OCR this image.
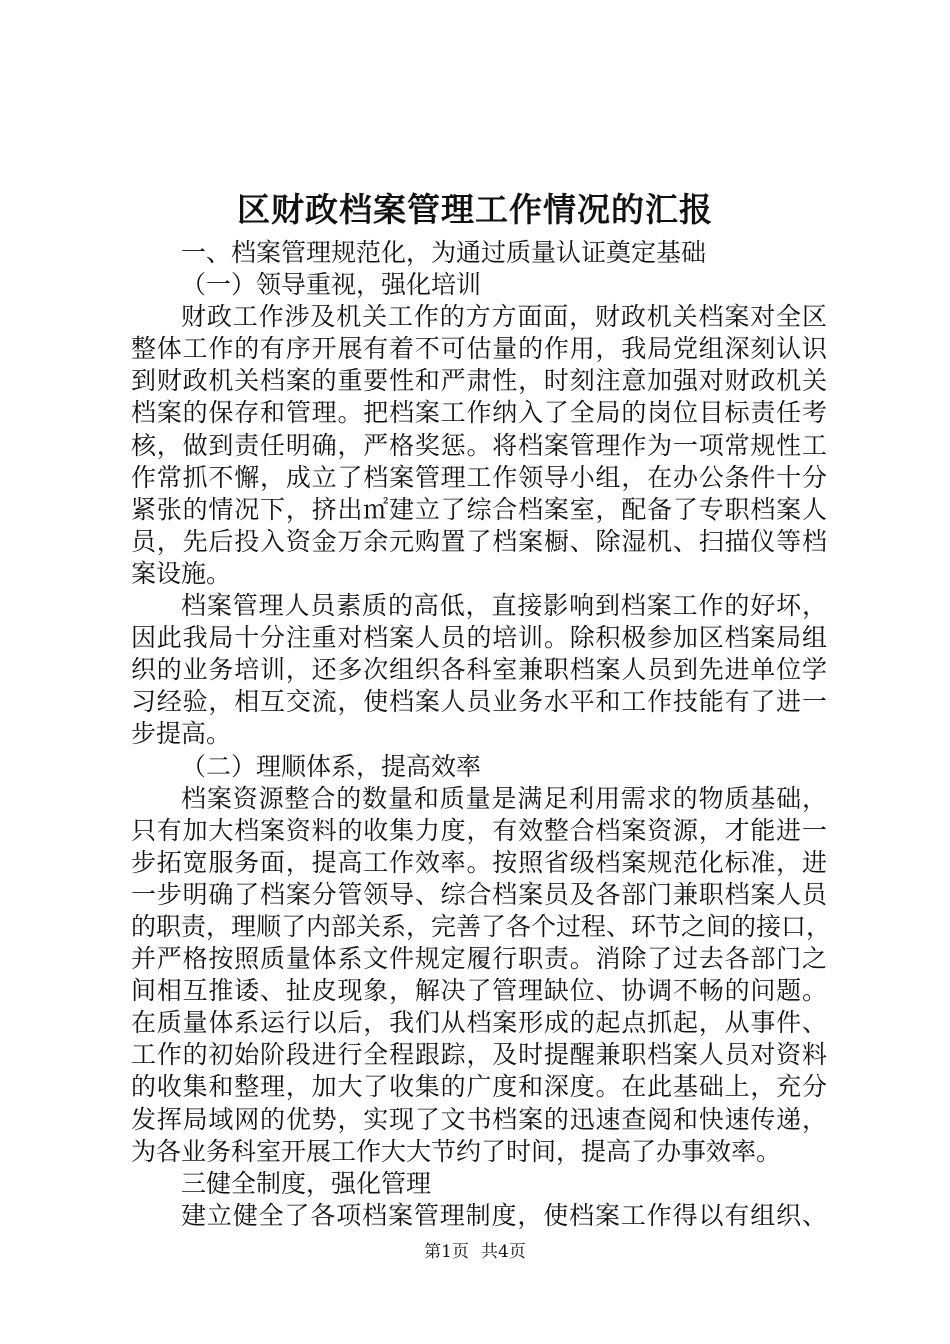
区财政档案管理工作情况的汇报
一、档案管理规范化，为通过质量认证奠定基础
（一）领导重视，强化培训
财政工作涉及机关工作的方方面面，财政机关档案对全区
整体工作的有序开展有着不可估量的作用，我局党组深刻认识
到财政机关档案的重要性和严肃性，时刻注意加强对财政机关
档案的保存和管理。把档案工作纳入了全局的岗位目标责任考
核，做到责任明确，严格奖惩。将档案管理作为一项常规性工
作常抓不懈，成立了档案管理工作领导小组，在办公条件十分
紧张的情况下，挤出㎡建立了综合档案室，配备了专职档案人
员，先后投入资金万余元购置了档案橱、除湿机、扫描仪等档
案设施。
档案管理人员素质的高低，直接影响到档案工作的好坏，
因此我局十分注重对档案人员的培训。除积极参加区档案局组
织的业务培训，还多次组织各科室兼职档案人员到先进单位学
习经验，相互交流，使档案人员业务水平和工作技能有了进一
步提高。
（二）理顺体系，提高效率
档案资源整合的数量和质量是满足利用需求的物质基础，
只有加大档案资料的收集力度，有效整合档案资源，才能进一
步拓宽服务面，提高工作效率。按照省级档案规范化标准，进
一步明确了档案分管领导、综合档案员及各部门兼职档案人员
的职责，理顺了内部关系，完善了各个过程、环节之间的接口，
并严格按照质量体系文件规定履行职责。消除了过去各部门之
间相互推诿、扯皮现象，解决了管理缺位、协调不畅的问题。
在质量体系运行以后，我们从档案形成的起点抓起，从事件、
工作的初始阶段进行全程跟踪，及时提醒兼职档案人员对资料
的收集和整理，加大了收集的广度和深度。在此基础上，充分
发挥局域网的优势，实现了文书档案的迅速查阅和快速传递，
为各业务科室开展工作大大节约了时间，提高了办事效率。
三健全制度，强化管理
建立健全了各项档案管理制度，使档案工作得以有组织、
第1页 共4页
